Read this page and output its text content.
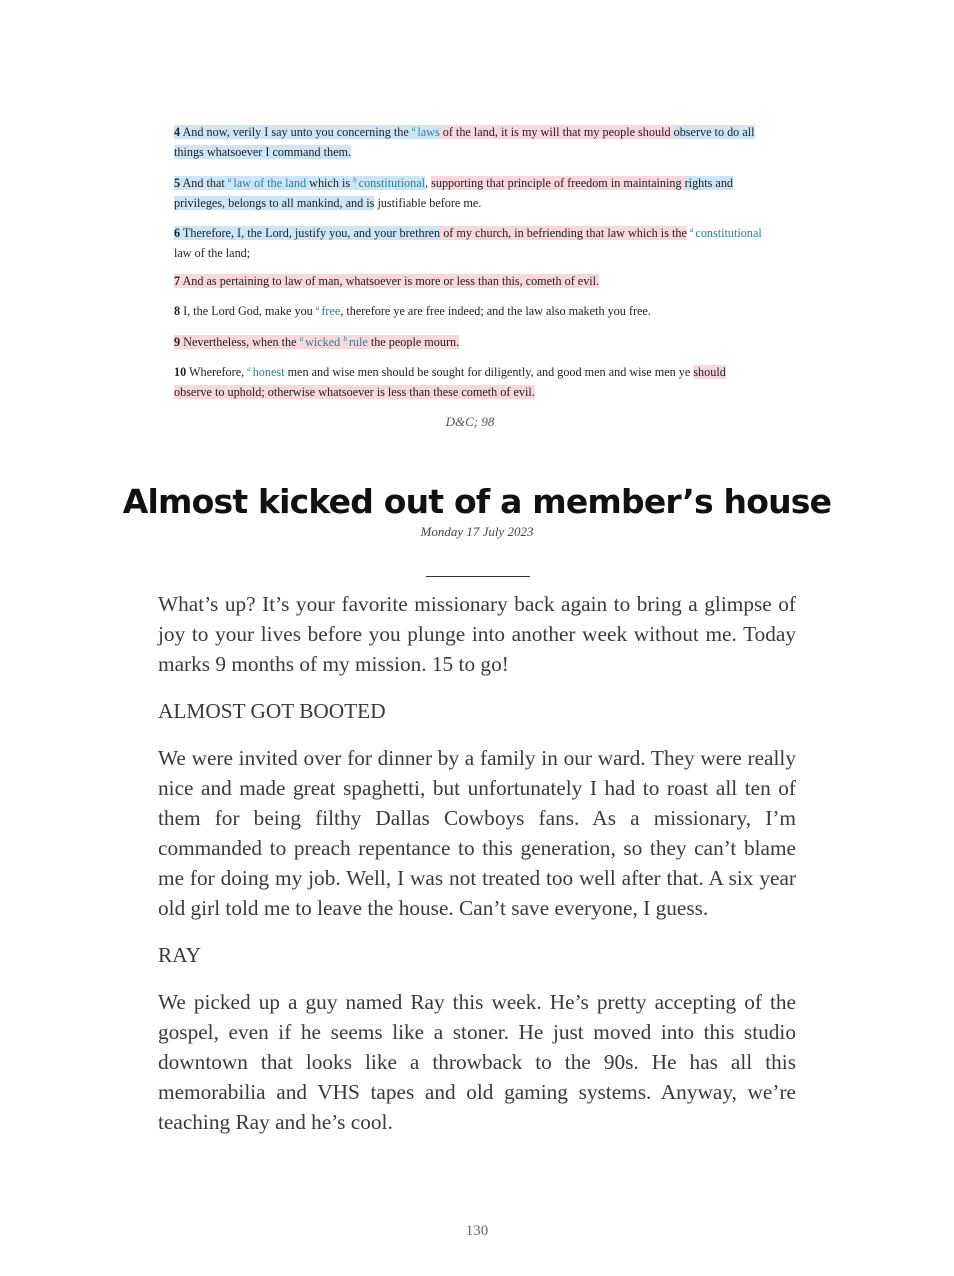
4 And now, verily I say unto you concerning the $^a$ laws of the land, it is my will that my people should observe to do all things whatsoever I command them.
5 And that $^a$ law of the land which is $^b$ constitutional, supporting that principle of freedom in maintaining rights and privileges, belongs to all mankind, and is justifiable before me.
6 Therefore, I, the Lord, justify you, and your brethren of my church, in befriending that law which is the $^a$ constitutional law of the land;
7 And as pertaining to law of man, whatsoever is more or less than this, cometh of evil.
8 I, the Lord God, make you $^a$ free, therefore ye are free indeed; and the law also maketh you free.
9 Nevertheless, when the $^a$ wicked $^b$ rule the people mourn.
10 Wherefore, $^a$ honest men and wise men should be sought for diligently, and good men and wise men ye should observe to uphold; otherwise whatsoever is less than these cometh of evil.
D&C; 98
Almost kicked out of a member’s house
Monday 17 July 2023

What’s up? It’s your favorite missionary back again to bring a glimpse of joy to your lives before you plunge into another week without me. Today marks 9 months of my mission. 15 to go!

ALMOST GOT BOOTED

We were invited over for dinner by a family in our ward. They were really nice and made great spaghetti, but unfortunately I had to roast all ten of them for being filthy Dallas Cowboys fans. As a missionary, I’m commanded to preach repentance to this generation, so they can’t blame me for doing my job. Well, I was not treated too well after that. A six year old girl told me to leave the house. Can’t save everyone, I guess.

RAY

We picked up a guy named Ray this week. He’s pretty accepting of the gospel, even if he seems like a stoner. He just moved into this studio downtown that looks like a throwback to the 90s. He has all this memorabilia and VHS tapes and old gaming systems. Anyway, we’re teaching Ray and he’s cool.

130
